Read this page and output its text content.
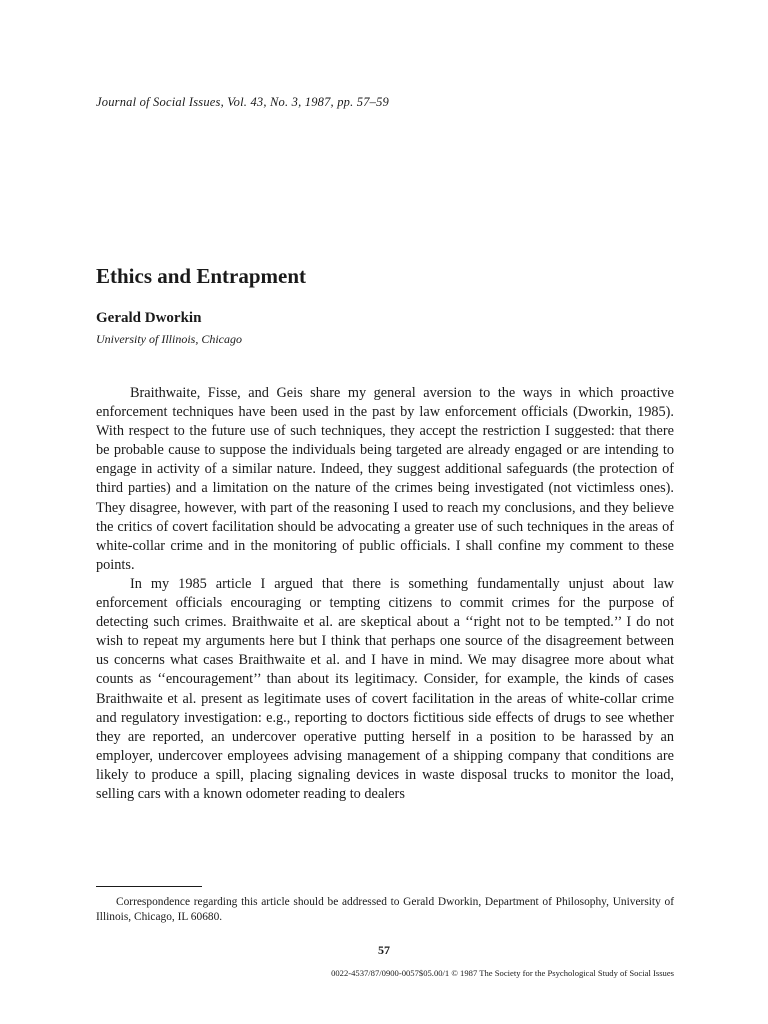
Journal of Social Issues, Vol. 43, No. 3, 1987, pp. 57–59
Ethics and Entrapment
Gerald Dworkin
University of Illinois, Chicago

Braithwaite, Fisse, and Geis share my general aversion to the ways in which proactive enforcement techniques have been used in the past by law enforcement officials (Dworkin, 1985). With respect to the future use of such techniques, they accept the restriction I suggested: that there be probable cause to suppose the individuals being targeted are already engaged or are intending to engage in activity of a similar nature. Indeed, they suggest additional safeguards (the protection of third parties) and a limitation on the nature of the crimes being investigated (not victimless ones). They disagree, however, with part of the reasoning I used to reach my conclusions, and they believe the critics of covert facilitation should be advocating a greater use of such techniques in the areas of white-collar crime and in the monitoring of public officials. I shall confine my comment to these points.

In my 1985 article I argued that there is something fundamentally unjust about law enforcement officials encouraging or tempting citizens to commit crimes for the purpose of detecting such crimes. Braithwaite et al. are skeptical about a ‘‘right not to be tempted.’’ I do not wish to repeat my arguments here but I think that perhaps one source of the disagreement between us concerns what cases Braithwaite et al. and I have in mind. We may disagree more about what counts as ‘‘encouragement’’ than about its legitimacy. Consider, for example, the kinds of cases Braithwaite et al. present as legitimate uses of covert facilitation in the areas of white-collar crime and regulatory investigation: e.g., reporting to doctors fictitious side effects of drugs to see whether they are reported, an undercover operative putting herself in a position to be harassed by an employer, undercover employees advising management of a shipping company that conditions are likely to produce a spill, placing signaling devices in waste disposal trucks to monitor the load, selling cars with a known odometer reading to dealers

Correspondence regarding this article should be addressed to Gerald Dworkin, Department of Philosophy, University of Illinois, Chicago, IL 60680.

57
0022-4537/87/0900-0057$05.00/1 © 1987 The Society for the Psychological Study of Social Issues
